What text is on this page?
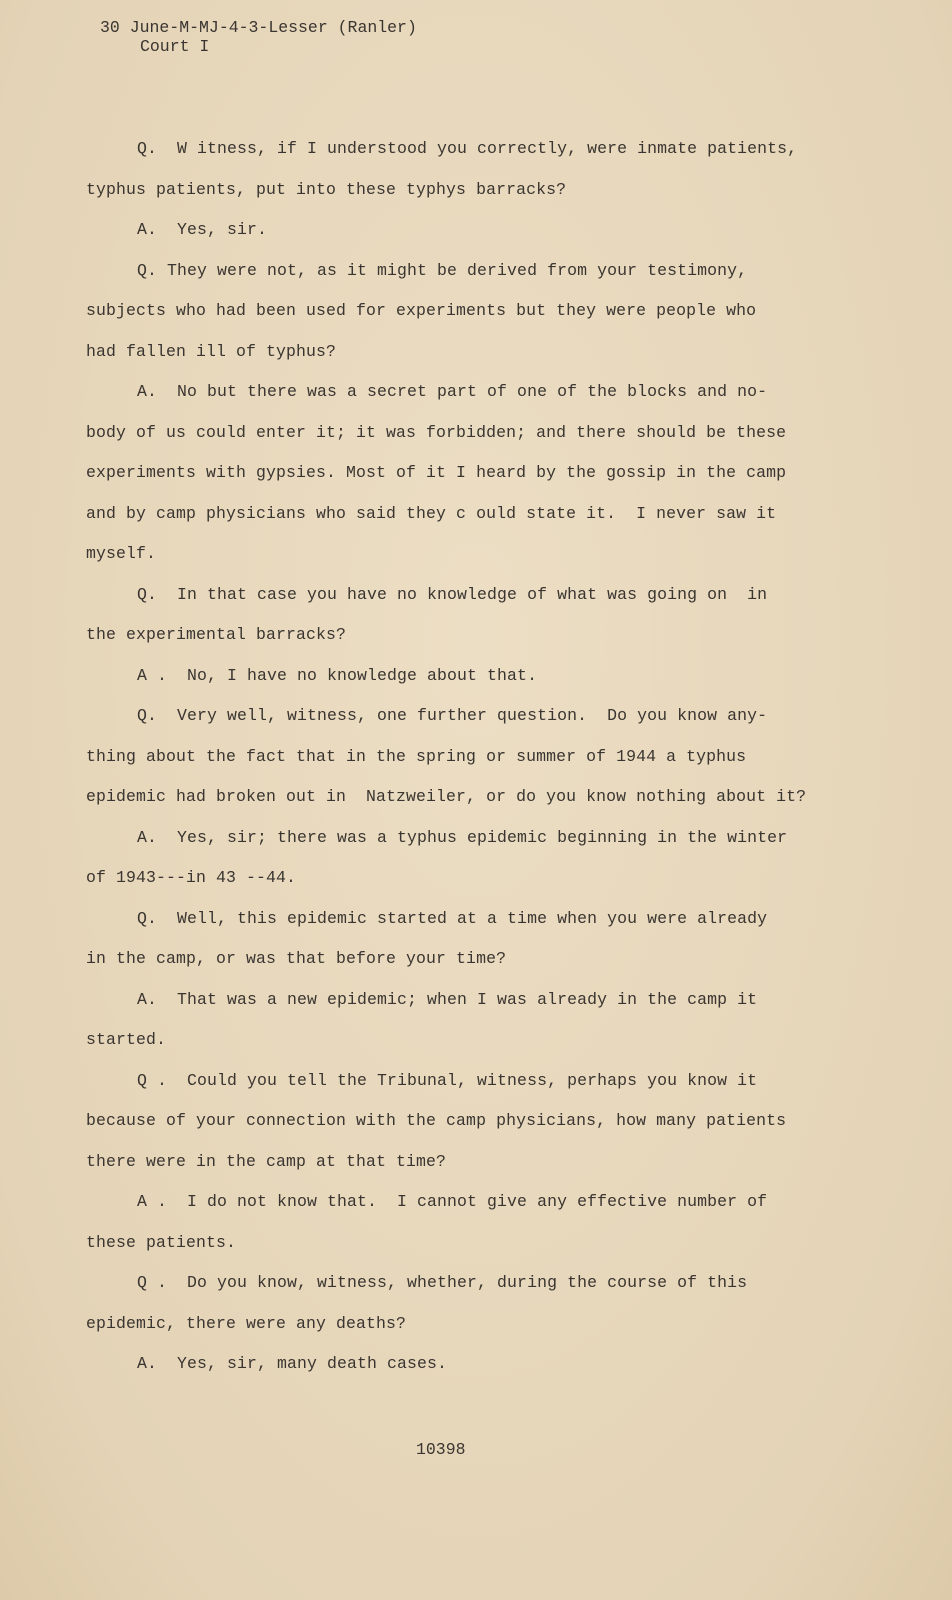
30 June-M-MJ-4-3-Lesser (Ranler)
Court I
Q.  W itness, if I understood you correctly, were inmate patients,
typhus patients, put into these typhys barracks?
A.  Yes, sir.
Q. They were not, as it might be derived from your testimony,
subjects who had been used for experiments but they were people who
had fallen ill of typhus?
A.  No but there was a secret part of one of the blocks and no-
body of us could enter it; it was forbidden; and there should be these
experiments with gypsies. Most of it I heard by the gossip in the camp
and by camp physicians who said they c ould state it.  I never saw it
myself.
Q.  In that case you have no knowledge of what was going on  in
the experimental barracks?
A .  No, I have no knowledge about that.
Q.  Very well, witness, one further question.  Do you know any-
thing about the fact that in the spring or summer of 1944 a typhus
epidemic had broken out in  Natzweiler, or do you know nothing about it?
A.  Yes, sir; there was a typhus epidemic beginning in the winter
of 1943---in 43 --44.
Q.  Well, this epidemic started at a time when you were already
in the camp, or was that before your time?
A.  That was a new epidemic; when I was already in the camp it
started.
Q .  Could you tell the Tribunal, witness, perhaps you know it
because of your connection with the camp physicians, how many patients
there were in the camp at that time?
A .  I do not know that.  I cannot give any effective number of
these patients.
Q .  Do you know, witness, whether, during the course of this
epidemic, there were any deaths?
A.  Yes, sir, many death cases.
10398
